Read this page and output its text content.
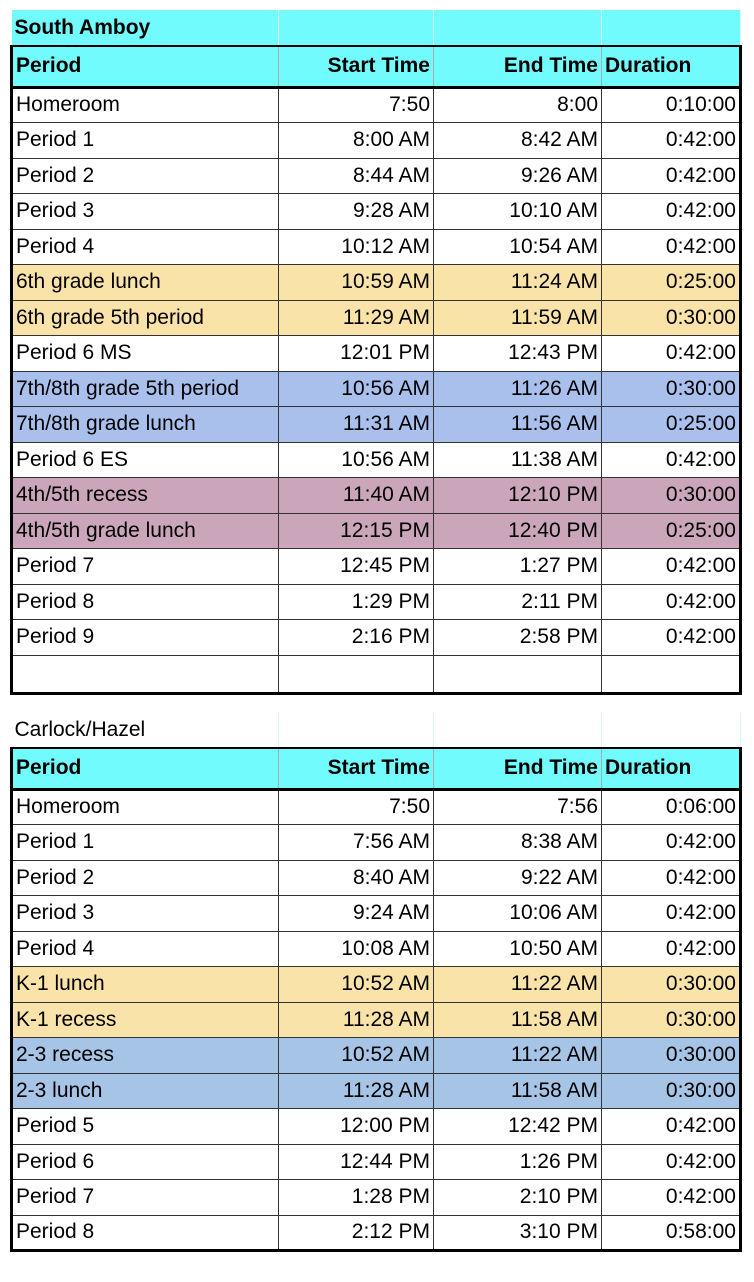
South Amboy			
Period	Start Time	End Time	Duration
Homeroom	7:50	8:00	0:10:00
Period 1	8:00 AM	8:42 AM	0:42:00
Period 2	8:44 AM	9:26 AM	0:42:00
Period 3	9:28 AM	10:10 AM	0:42:00
Period 4	10:12 AM	10:54 AM	0:42:00
6th grade lunch	10:59 AM	11:24 AM	0:25:00
6th grade 5th period	11:29 AM	11:59 AM	0:30:00
Period 6 MS	12:01 PM	12:43 PM	0:42:00
7th/8th grade 5th period	10:56 AM	11:26 AM	0:30:00
7th/8th grade lunch	11:31 AM	11:56 AM	0:25:00
Period 6 ES	10:56 AM	11:38 AM	0:42:00
4th/5th recess	11:40 AM	12:10 PM	0:30:00
4th/5th grade lunch	12:15 PM	12:40 PM	0:25:00
Period 7	12:45 PM	1:27 PM	0:42:00
Period 8	1:29 PM	2:11 PM	0:42:00
Period 9	2:16 PM	2:58 PM	0:42:00

Carlock/Hazel			
Period	Start Time	End Time	Duration
Homeroom	7:50	7:56	0:06:00
Period 1	7:56 AM	8:38 AM	0:42:00
Period 2	8:40 AM	9:22 AM	0:42:00
Period 3	9:24 AM	10:06 AM	0:42:00
Period 4	10:08 AM	10:50 AM	0:42:00
K-1 lunch	10:52 AM	11:22 AM	0:30:00
K-1 recess	11:28 AM	11:58 AM	0:30:00
2-3 recess	10:52 AM	11:22 AM	0:30:00
2-3 lunch	11:28 AM	11:58 AM	0:30:00
Period 5	12:00 PM	12:42 PM	0:42:00
Period 6	12:44 PM	1:26 PM	0:42:00
Period 7	1:28 PM	2:10 PM	0:42:00
Period 8	2:12 PM	3:10 PM	0:58:00
